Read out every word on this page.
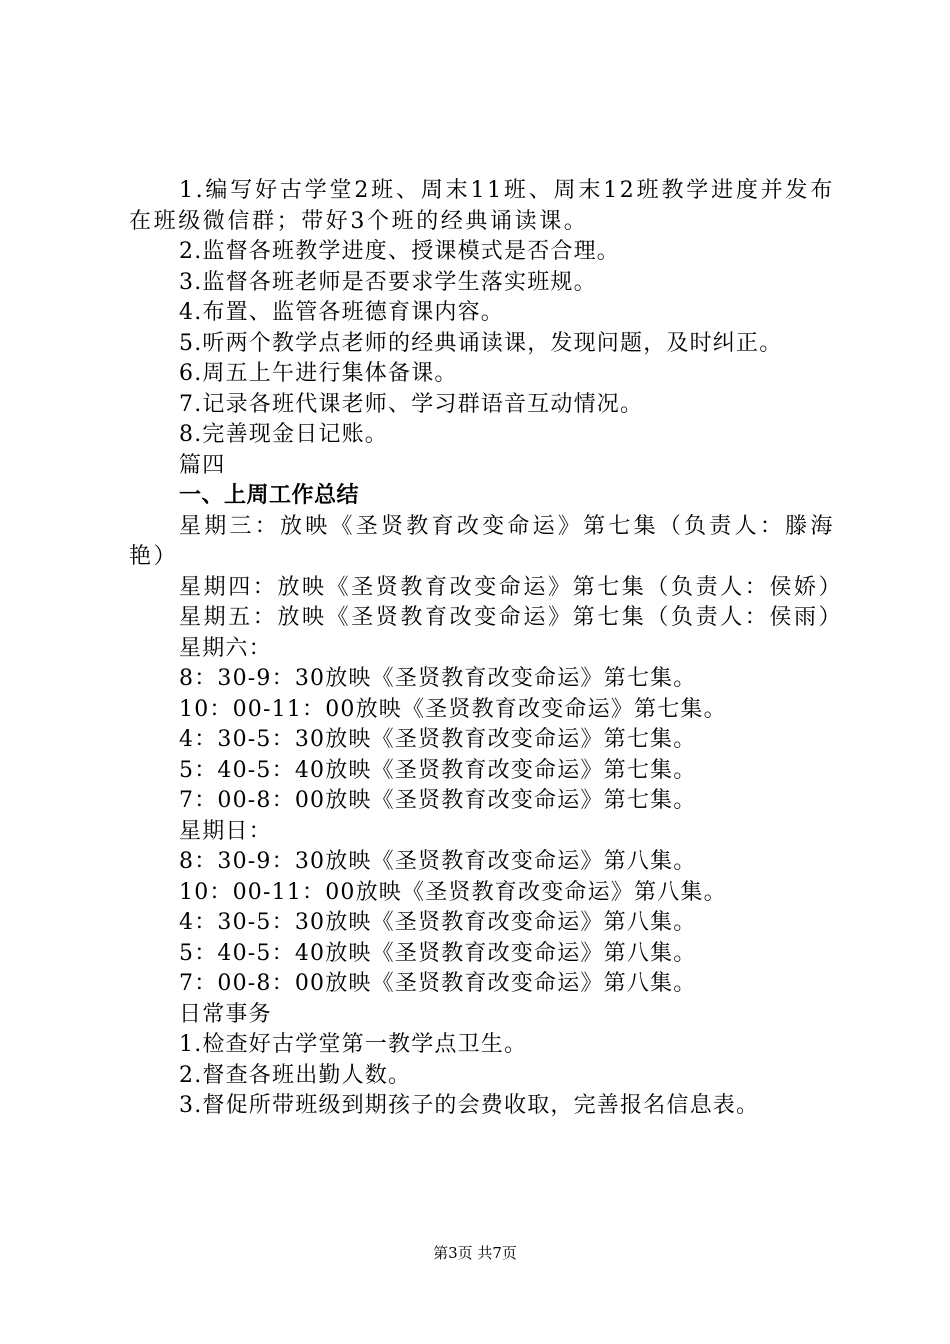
1.编写好古学堂2班、周末11班、周末12班教学进度并发布在班级微信群；带好3个班的经典诵读课。
2.监督各班教学进度、授课模式是否合理。
3.监督各班老师是否要求学生落实班规。
4.布置、监管各班德育课内容。
5.听两个教学点老师的经典诵读课，发现问题，及时纠正。
6.周五上午进行集体备课。
7.记录各班代课老师、学习群语音互动情况。
8.完善现金日记账。
篇四
一、上周工作总结
星期三：放映《圣贤教育改变命运》第七集（负责人：滕海艳）
星期四：放映《圣贤教育改变命运》第七集（负责人：侯娇）
星期五：放映《圣贤教育改变命运》第七集（负责人：侯雨）
星期六：
8：30-9：30放映《圣贤教育改变命运》第七集。
10：00-11：00放映《圣贤教育改变命运》第七集。
4：30-5：30放映《圣贤教育改变命运》第七集。
5：40-5：40放映《圣贤教育改变命运》第七集。
7：00-8：00放映《圣贤教育改变命运》第七集。
星期日：
8：30-9：30放映《圣贤教育改变命运》第八集。
10：00-11：00放映《圣贤教育改变命运》第八集。
4：30-5：30放映《圣贤教育改变命运》第八集。
5：40-5：40放映《圣贤教育改变命运》第八集。
7：00-8：00放映《圣贤教育改变命运》第八集。
日常事务
1.检查好古学堂第一教学点卫生。
2.督查各班出勤人数。
3.督促所带班级到期孩子的会费收取，完善报名信息表。
第3页 共7页
